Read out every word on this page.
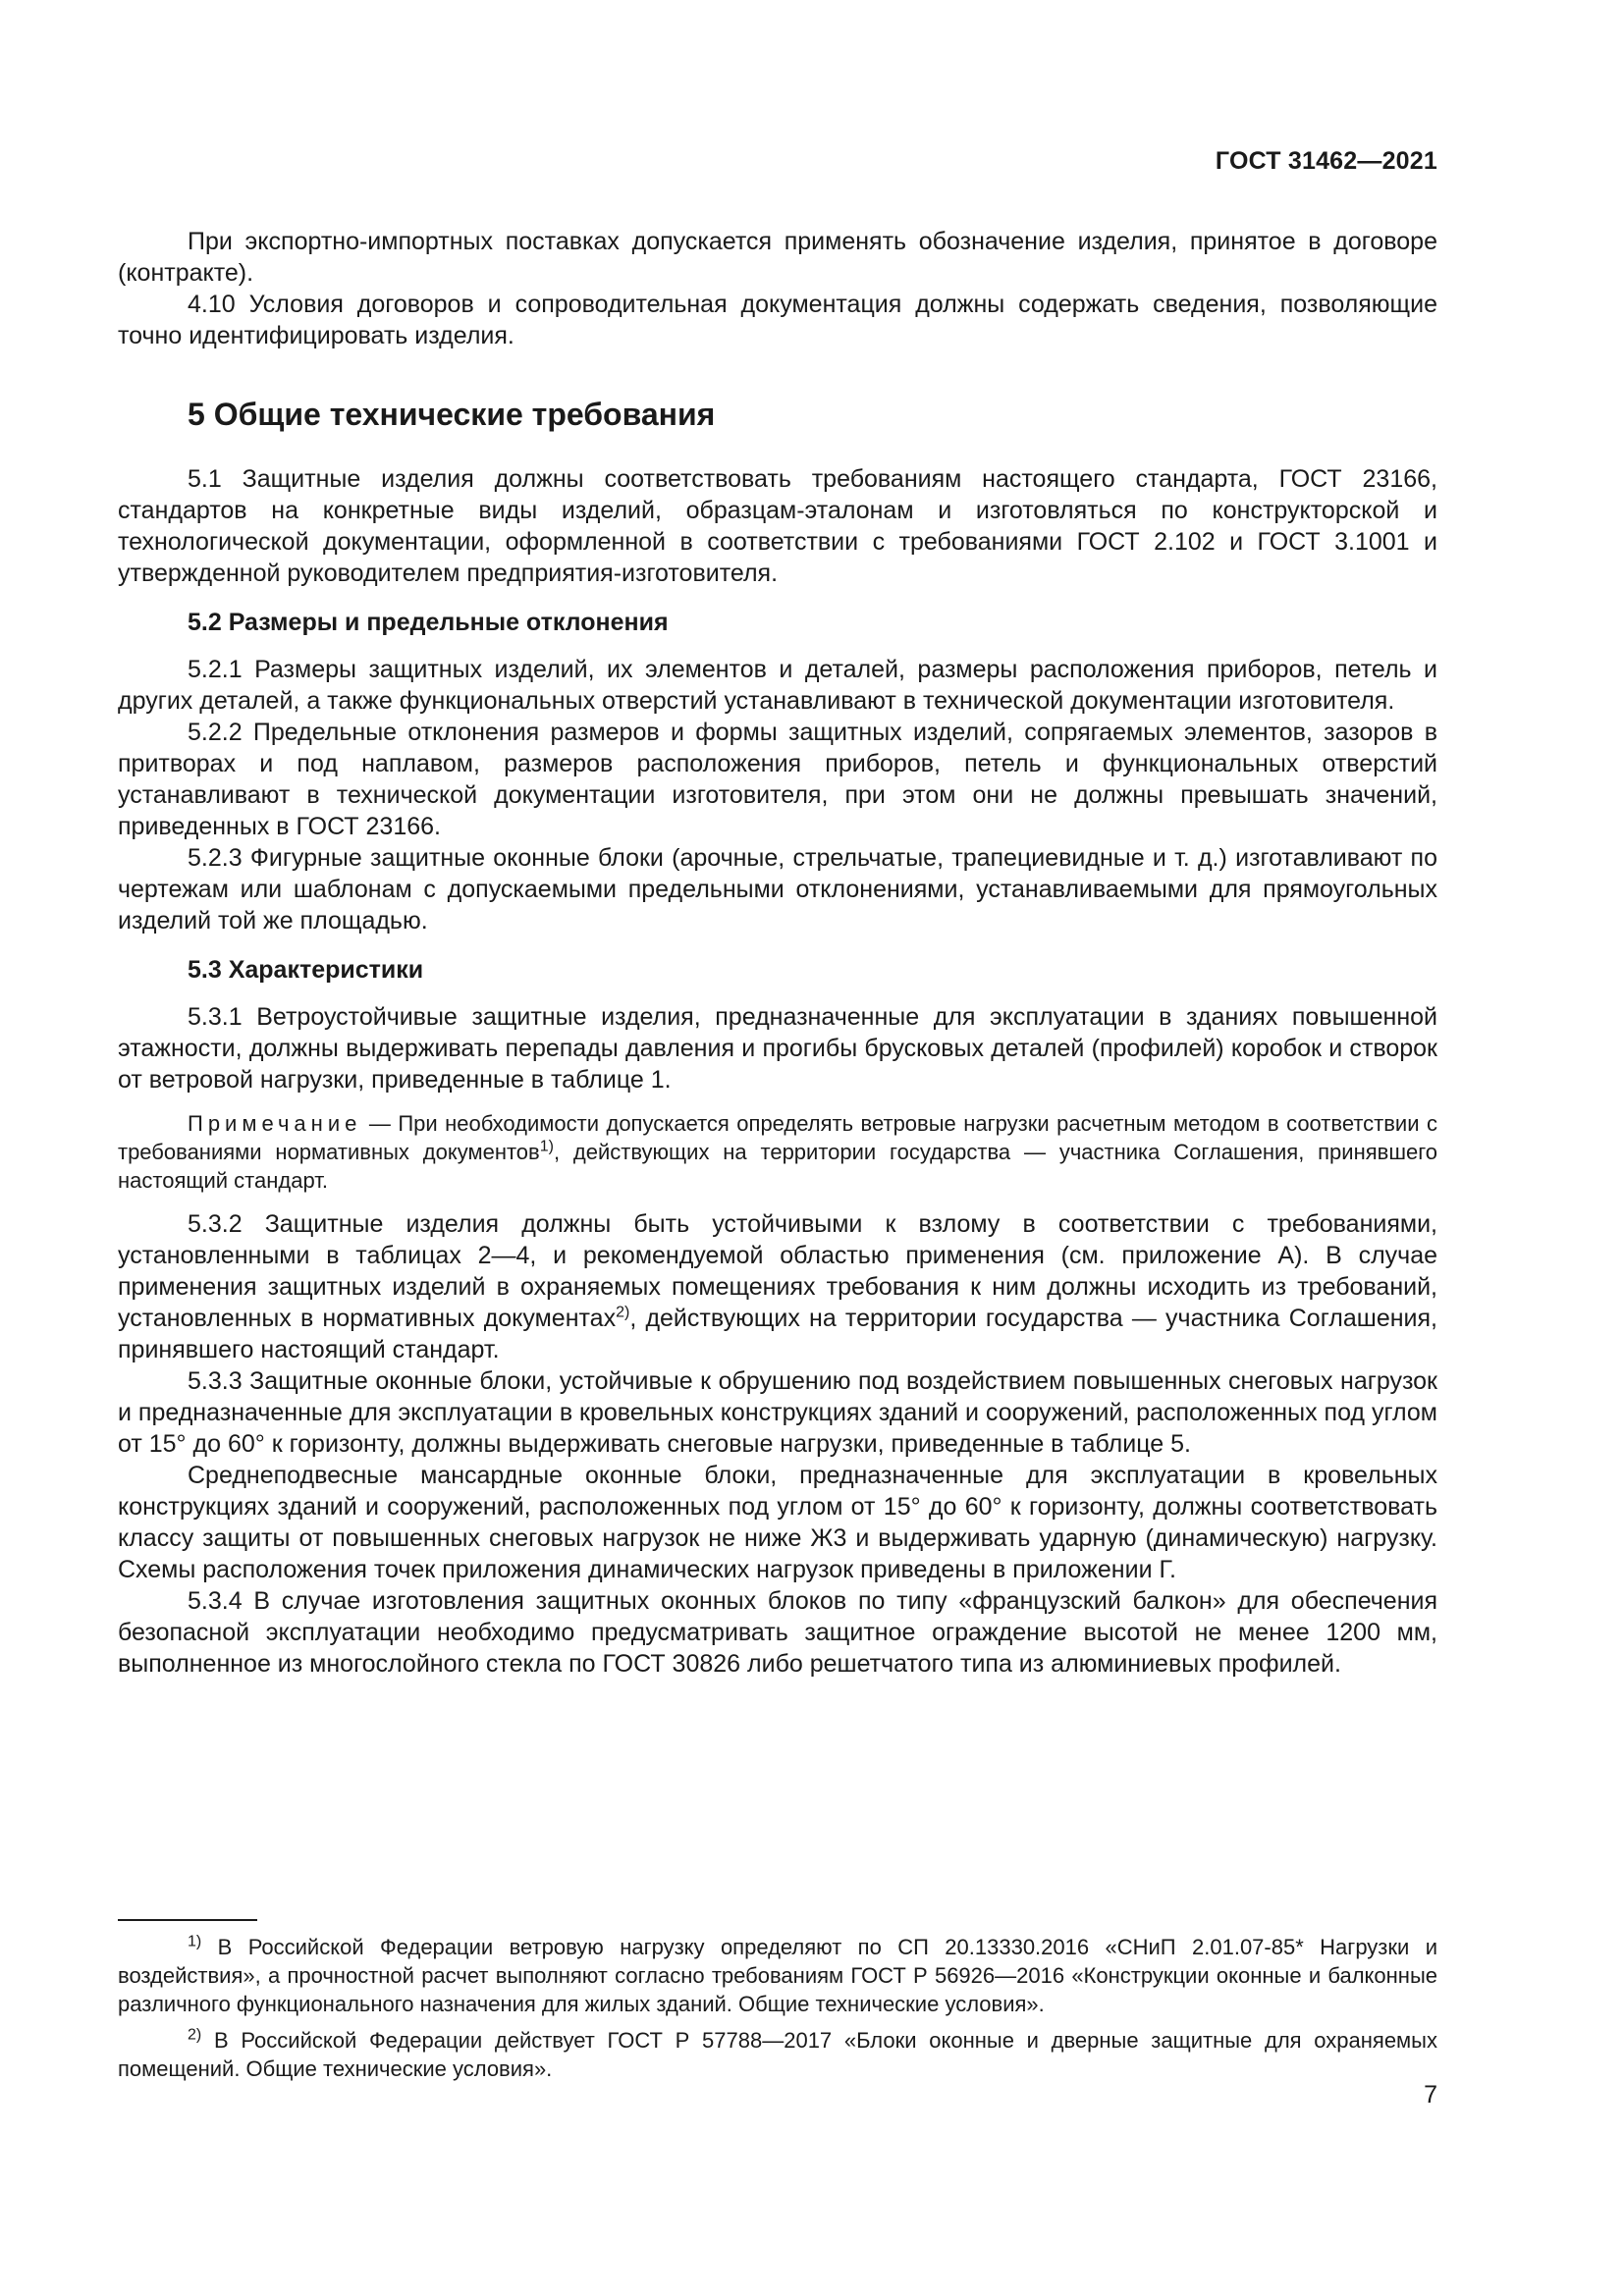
ГОСТ 31462—2021

При экспортно-импортных поставках допускается применять обозначение изделия, принятое в договоре (контракте).

4.10 Условия договоров и сопроводительная документация должны содержать сведения, позволяющие точно идентифицировать изделия.

5 Общие технические требования

5.1 Защитные изделия должны соответствовать требованиям настоящего стандарта, ГОСТ 23166, стандартов на конкретные виды изделий, образцам-эталонам и изготовляться по конструкторской и технологической документации, оформленной в соответствии с требованиями ГОСТ 2.102 и ГОСТ 3.1001 и утвержденной руководителем предприятия-изготовителя.

5.2 Размеры и предельные отклонения

5.2.1 Размеры защитных изделий, их элементов и деталей, размеры расположения приборов, петель и других деталей, а также функциональных отверстий устанавливают в технической документации изготовителя.

5.2.2 Предельные отклонения размеров и формы защитных изделий, сопрягаемых элементов, зазоров в притворах и под наплавом, размеров расположения приборов, петель и функциональных отверстий устанавливают в технической документации изготовителя, при этом они не должны превышать значений, приведенных в ГОСТ 23166.

5.2.3 Фигурные защитные оконные блоки (арочные, стрельчатые, трапециевидные и т. д.) изготавливают по чертежам или шаблонам с допускаемыми предельными отклонениями, устанавливаемыми для прямоугольных изделий той же площадью.

5.3 Характеристики

5.3.1 Ветроустойчивые защитные изделия, предназначенные для эксплуатации в зданиях повышенной этажности, должны выдерживать перепады давления и прогибы брусковых деталей (профилей) коробок и створок от ветровой нагрузки, приведенные в таблице 1.

Примечание — При необходимости допускается определять ветровые нагрузки расчетным методом в соответствии с требованиями нормативных документов$^{1)}$, действующих на территории государства — участника Соглашения, принявшего настоящий стандарт.

5.3.2 Защитные изделия должны быть устойчивыми к взлому в соответствии с требованиями, установленными в таблицах 2—4, и рекомендуемой областью применения (см. приложение А). В случае применения защитных изделий в охраняемых помещениях требования к ним должны исходить из требований, установленных в нормативных документах$^{2)}$, действующих на территории государства — участника Соглашения, принявшего настоящий стандарт.

5.3.3 Защитные оконные блоки, устойчивые к обрушению под воздействием повышенных снеговых нагрузок и предназначенные для эксплуатации в кровельных конструкциях зданий и сооружений, расположенных под углом от 15° до 60° к горизонту, должны выдерживать снеговые нагрузки, приведенные в таблице 5.

Среднеподвесные мансардные оконные блоки, предназначенные для эксплуатации в кровельных конструкциях зданий и сооружений, расположенных под углом от 15° до 60° к горизонту, должны соответствовать классу защиты от повышенных снеговых нагрузок не ниже Ж3 и выдерживать ударную (динамическую) нагрузку. Схемы расположения точек приложения динамических нагрузок приведены в приложении Г.

5.3.4 В случае изготовления защитных оконных блоков по типу «французский балкон» для обеспечения безопасной эксплуатации необходимо предусматривать защитное ограждение высотой не менее 1200 мм, выполненное из многослойного стекла по ГОСТ 30826 либо решетчатого типа из алюминиевых профилей.

$^{1)}$ В Российской Федерации ветровую нагрузку определяют по СП 20.13330.2016 «СНиП 2.01.07-85* Нагрузки и воздействия», а прочностной расчет выполняют согласно требованиям ГОСТ Р 56926—2016 «Конструкции оконные и балконные различного функционального назначения для жилых зданий. Общие технические условия».

$^{2)}$ В Российской Федерации действует ГОСТ Р 57788—2017 «Блоки оконные и дверные защитные для охраняемых помещений. Общие технические условия».

7
